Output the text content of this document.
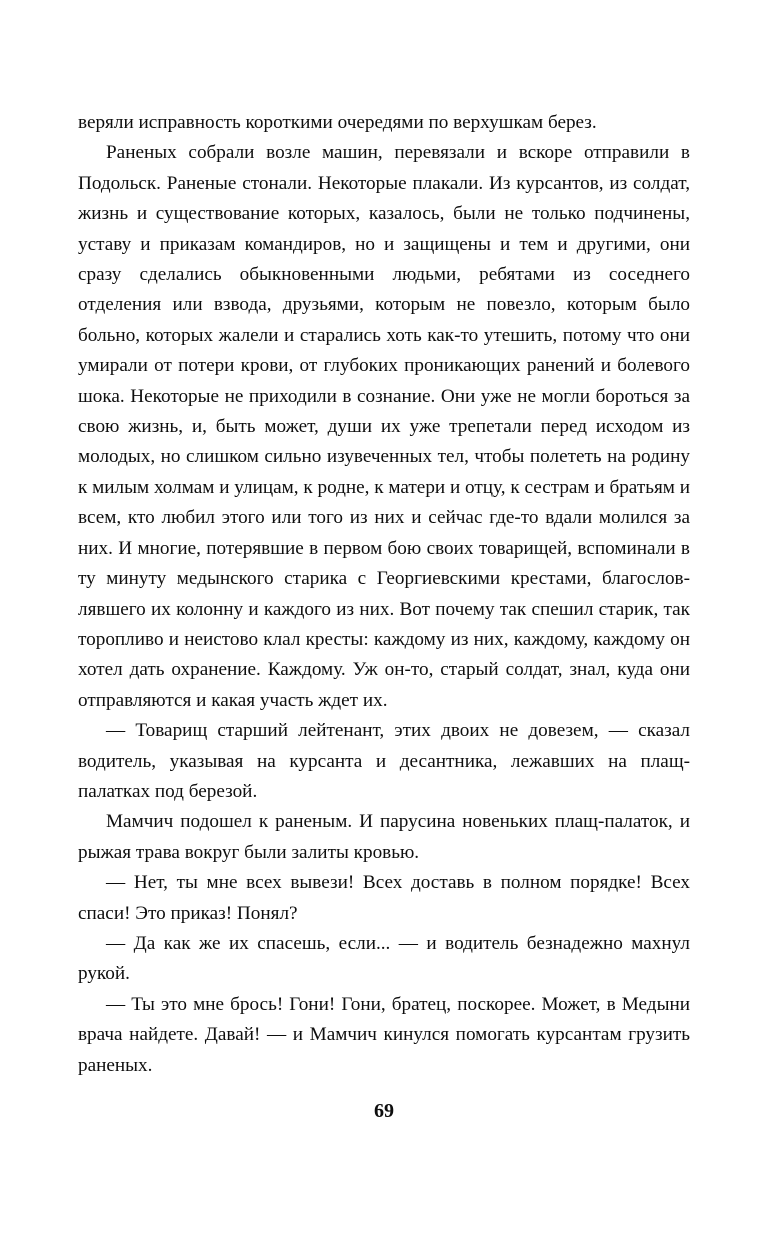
веряли исправность короткими очередями по верхушкам берез.

Раненых собрали возле машин, перевязали и вскоре отправили в Подольск. Раненые стонали. Некоторые плакали. Из курсантов, из солдат, жизнь и существование которых, казалось, были не только подчинены, уставу и приказам командиров, но и защищены и тем и другими, они сразу сделались обыкновенными людьми, ребятами из соседнего отделения или взвода, друзьями, которым не повезло, которым было больно, которых жалели и старались хоть как-то утешить, потому что они умирали от потери крови, от глубоких проникающих ранений и болевого шока. Некоторые не приходили в сознание. Они уже не могли бороться за свою жизнь, и, быть может, души их уже трепетали перед исходом из молодых, но слишком сильно изувеченных тел, чтобы полететь на родину к милым холмам и улицам, к родне, к матери и отцу, к сестрам и братьям и всем, кто любил этого или того из них и сейчас где-то вдали молился за них. И многие, потерявшие в первом бою своих товарищей, вспоминали в ту минуту медынского старика с Георгиевскими крестами, благословлявшего их колонну и каждого из них. Вот почему так спешил старик, так торопливо и неистово клал кресты: каждому из них, каждому, каждому он хотел дать охранение. Каждому. Уж он-то, старый солдат, знал, куда они отправляются и какая участь ждет их.

— Товарищ старший лейтенант, этих двоих не довезем, — сказал водитель, указывая на курсанта и десантника, лежавших на плащ-палатках под березой.

Мамчич подошел к раненым. И парусина новеньких плащ-палаток, и рыжая трава вокруг были залиты кровью.

— Нет, ты мне всех вывези! Всех доставь в полном порядке! Всех спаси! Это приказ! Понял?

— Да как же их спасешь, если... — и водитель безнадежно махнул рукой.

— Ты это мне брось! Гони! Гони, братец, поскорее. Может, в Медыни врача найдете. Давай! — и Мамчич кинулся помогать курсантам грузить раненых.

69
